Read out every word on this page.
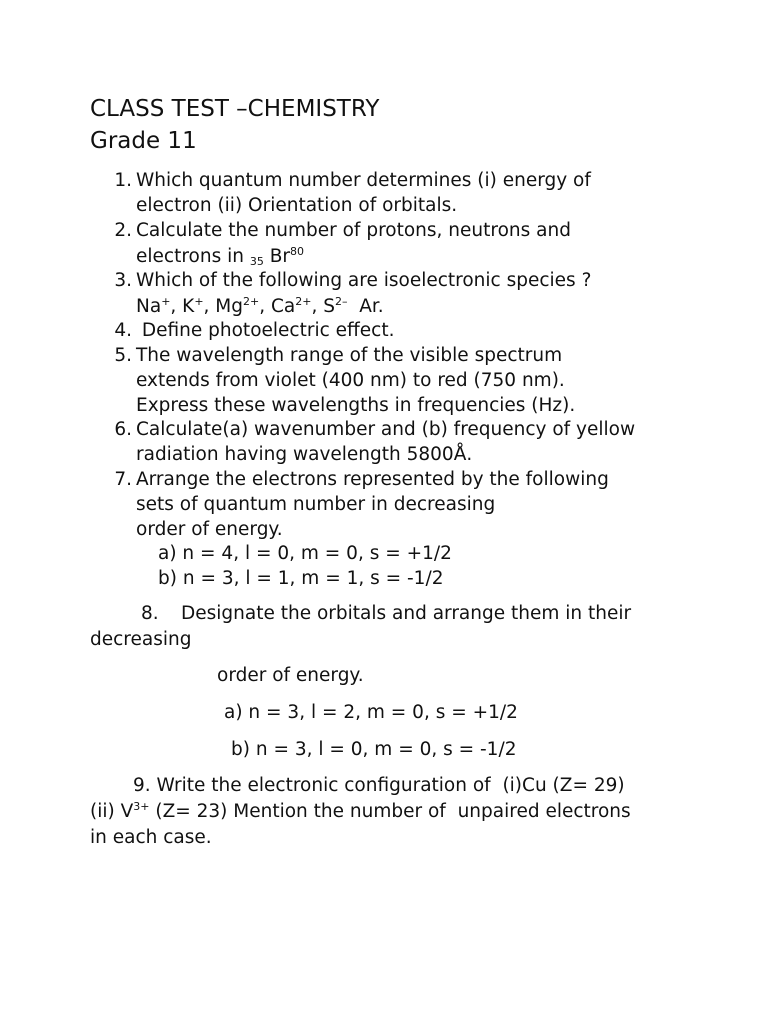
CLASS TEST –CHEMISTRY
Grade 11
1. Which quantum number determines (i) energy of
electron (ii) Orientation of orbitals.
2. Calculate the number of protons, neutrons and
electrons in $_{35}$ Br$^{80}$
3. Which of the following are isoelectronic species ?
Na+, K+, $Mg^{2+}$, $Ca^{2+}$, $S^{2-}$  Ar.
4. Define photoelectric effect.
5. The wavelength range of the visible spectrum
extends from violet (400 nm) to red (750 nm).
Express these wavelengths in frequencies (Hz).
6. Calculate(a) wavenumber and (b) frequency of yellow
radiation having wavelength 5800Å.
7. Arrange the electrons represented by the following
sets of quantum number in decreasing
order of energy.
a) n = 4, l = 0, m = 0, s = +1/2
b) n = 3, l = 1, m = 1, s = -1/2
8. Designate the orbitals and arrange them in their
decreasing
order of energy.
a) n = 3, l = 2, m = 0, s = +1/2
b) n = 3, l = 0, m = 0, s = -1/2
9. Write the electronic configuration of  (i)Cu (Z= 29)
(ii) $V^{3+}$ (Z= 23) Mention the number of  unpaired electrons
in each case.
